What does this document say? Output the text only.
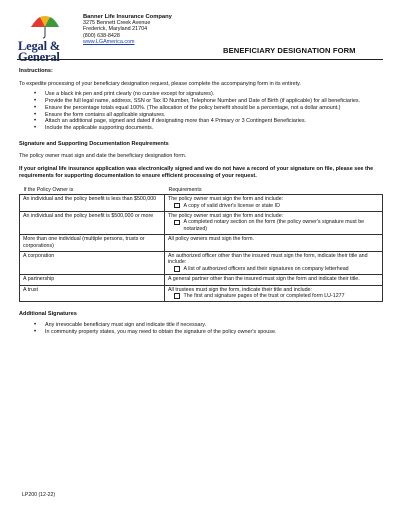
Legal &
General
Banner Life Insurance Company
3275 Bennett Creek Avenue
Frederick, Maryland 21704
(800) 638-8428
www.LGAmerica.com
BENEFICIARY DESIGNATION FORM
Instructions:
To expedite processing of your beneficiary designation request, please complete the accompanying form in its entirety.
• Use a black ink pen and print clearly (no cursive except for signatures).
• Provide the full legal name, address, SSN or Tax ID Number, Telephone Number and Date of Birth (if applicable) for all beneficiaries.
• Ensure the percentage totals equal 100%. (The allocation of the policy benefit should be a percentage, not a dollar amount.)
• Ensure the form contains all applicable signatures.
• Attach an additional page, signed and dated if designating more than 4 Primary or 3 Contingent Beneficiaries.
• Include the applicable supporting documents.
Signature and Supporting Documentation Requirements
The policy owner must sign and date the beneficiary designation form.
If your original life insurance application was electronically signed and we do not have a record of your signature on file, please see the requirements for supporting documentation to ensure efficient processing of your request.
If the Policy Owner is	Requirements
An individual and the policy benefit is less than $500,000	The policy owner must sign the form and include:
A copy of valid driver's license or state ID

An individual and the policy benefit is $500,000 or more	The policy owner must sign the form and include:
A completed notary section on the form (the policy owner's signature must be notarized)

More than one individual (multiple persons, trusts or corporations)	All policy owners must sign the form.
A corporation	An authorized officer other than the insured must sign the form, indicate their title and include:
A list of authorized officers and their signatures on company letterhead

A partnership	A general partner other than the insured must sign the form and indicate their title.
A trust	All trustees must sign the form, indicate their title and include:
The first and signature pages of the trust or completed form LU-1277
Additional Signatures
• Any irrevocable beneficiary must sign and indicate title if necessary.
• In community property states, you may need to obtain the signature of the policy owner's spouse.
LP200 (12-22)
